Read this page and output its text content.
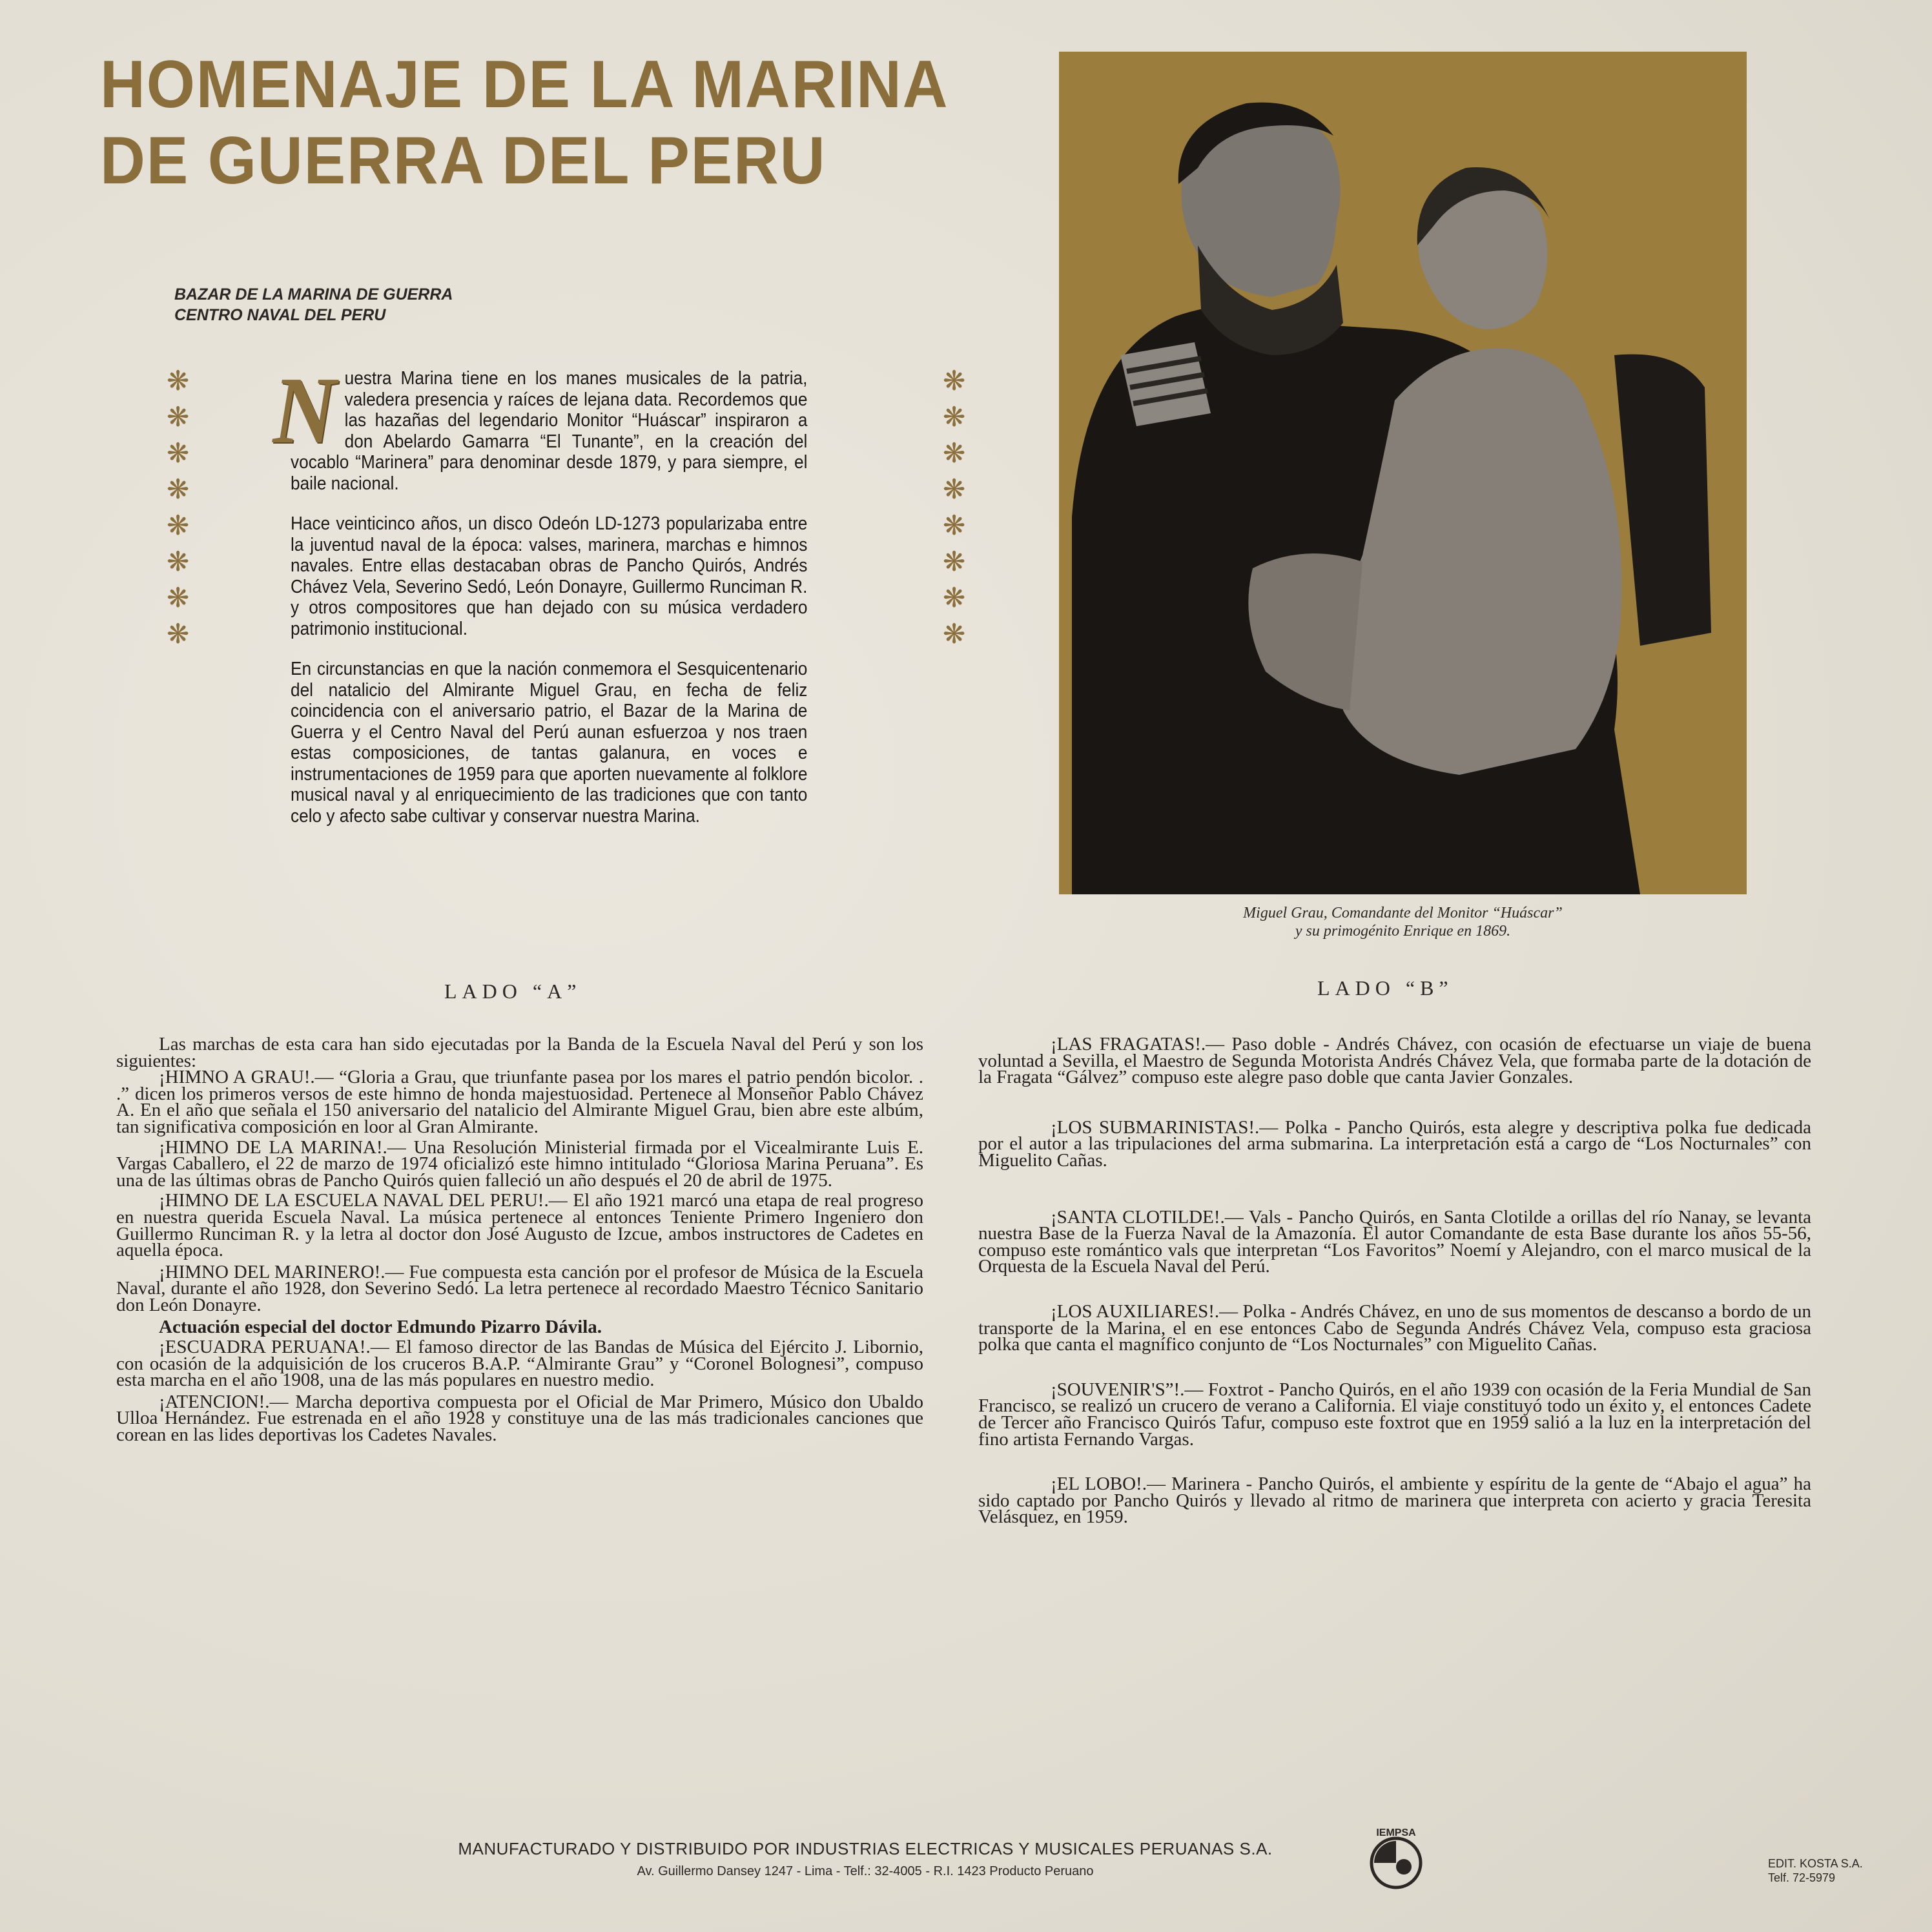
HOMENAJE DE LA MARINA
DE GUERRA DEL PERU
BAZAR DE LA MARINA DE GUERRA
CENTRO NAVAL DEL PERU
❋
❋
❋
❋
❋
❋
❋
❋
❋
❋
❋
❋
❋
❋
❋
❋

Nuestra Marina tiene en los manes musicales de la patria, valedera presencia y raíces de lejana data. Recordemos que las hazañas del legendario Monitor “Huáscar” inspiraron a don Abelardo Gamarra “El Tunante”, en la creación del vocablo “Marinera” para denominar desde 1879, y para siempre, el baile nacional.

Hace veinticinco años, un disco Odeón LD-1273 popularizaba entre la juventud naval de la época: valses, marinera, marchas e himnos navales. Entre ellas destacaban obras de Pancho Quirós, Andrés Chávez Vela, Severino Sedó, León Donayre, Guillermo Runciman R. y otros compositores que han dejado con su música verdadero patrimonio institucional.

En circunstancias en que la nación conmemora el Sesquicentenario del natalicio del Almirante Miguel Grau, en fecha de feliz coincidencia con el aniversario patrio, el Bazar de la Marina de Guerra y el Centro Naval del Perú aunan esfuerzoa y nos traen estas composiciones, de tantas galanura, en voces e instrumentaciones de 1959 para que aporten nuevamente al folklore musical naval y al enriquecimiento de las tradiciones que con tanto celo y afecto sabe cultivar y conservar nuestra Marina.

Miguel Grau, Comandante del Monitor “Huáscar”
y su primogénito Enrique en 1869.
LADO “A”	LADO “B”

Las marchas de esta cara han sido ejecutadas por la Banda de la Escuela Naval del Perú y son los siguientes:

¡HIMNO A GRAU!.— “Gloria a Grau, que triunfante pasea por los mares el patrio pendón bicolor. . .” dicen los primeros versos de este himno de honda majestuosidad. Pertenece al Monseñor Pablo Chávez A. En el año que señala el 150 aniversario del natalicio del Almirante Miguel Grau, bien abre este albúm, tan significativa composición en loor al Gran Almirante.

¡HIMNO DE LA MARINA!.— Una Resolución Ministerial firmada por el Vicealmirante Luis E. Vargas Caballero, el 22 de marzo de 1974 oficializó este himno intitulado “Gloriosa Marina Peruana”. Es una de las últimas obras de Pancho Quirós quien falleció un año después el 20 de abril de 1975.

¡HIMNO DE LA ESCUELA NAVAL DEL PERU!.— El año 1921 marcó una etapa de real progreso en nuestra querida Escuela Naval. La música pertenece al entonces Teniente Primero Ingeniero don Guillermo Runciman R. y la letra al doctor don José Augusto de Izcue, ambos instructores de Cadetes en aquella época.

¡HIMNO DEL MARINERO!.— Fue compuesta esta canción por el profesor de Música de la Escuela Naval, durante el año 1928, don Severino Sedó. La letra pertenece al recordado Maestro Técnico Sanitario don León Donayre.

Actuación especial del doctor Edmundo Pizarro Dávila.

¡ESCUADRA PERUANA!.— El famoso director de las Bandas de Música del Ejército J. Libornio, con ocasión de la adquisición de los cruceros B.A.P. “Almirante Grau” y “Coronel Bolognesi”, compuso esta marcha en el año 1908, una de las más populares en nuestro medio.

¡ATENCION!.— Marcha deportiva compuesta por el Oficial de Mar Primero, Músico don Ubaldo Ulloa Hernández. Fue estrenada en el año 1928 y constituye una de las más tradicionales canciones que corean en las lides deportivas los Cadetes Navales.

¡LAS FRAGATAS!.— Paso doble - Andrés Chávez, con ocasión de efectuarse un viaje de buena voluntad a Sevilla, el Maestro de Segunda Motorista Andrés Chávez Vela, que formaba parte de la dotación de la Fragata “Gálvez” compuso este alegre paso doble que canta Javier Gonzales.

¡LOS SUBMARINISTAS!.— Polka - Pancho Quirós, esta alegre y descriptiva polka fue dedicada por el autor a las tripulaciones del arma submarina. La interpretación está a cargo de “Los Nocturnales” con Miguelito Cañas.

¡SANTA CLOTILDE!.— Vals - Pancho Quirós, en Santa Clotilde a orillas del río Nanay, se levanta nuestra Base de la Fuerza Naval de la Amazonía. El autor Comandante de esta Base durante los años 55-56, compuso este romántico vals que interpretan “Los Favoritos” Noemí y Alejandro, con el marco musical de la Orquesta de la Escuela Naval del Perú.

¡LOS AUXILIARES!.— Polka - Andrés Chávez, en uno de sus momentos de descanso a bordo de un transporte de la Marina, el en ese entonces Cabo de Segunda Andrés Chávez Vela, compuso esta graciosa polka que canta el magnífico conjunto de “Los Nocturnales” con Miguelito Cañas.

¡SOUVENIR'S”!.— Foxtrot - Pancho Quirós, en el año 1939 con ocasión de la Feria Mundial de San Francisco, se realizó un crucero de verano a California. El viaje constituyó todo un éxito y, el entonces Cadete de Tercer año Francisco Quirós Tafur, compuso este foxtrot que en 1959 salió a la luz en la interpretación del fino artista Fernando Vargas.

¡EL LOBO!.— Marinera - Pancho Quirós, el ambiente y espíritu de la gente de “Abajo el agua” ha sido captado por Pancho Quirós y llevado al ritmo de marinera que interpreta con acierto y gracia Teresita Velásquez, en 1959.

MANUFACTURADO Y DISTRIBUIDO POR INDUSTRIAS ELECTRICAS Y MUSICALES PERUANAS S.A.
Av. Guillermo Dansey 1247 - Lima - Telf.: 32-4005 - R.I. 1423 Producto Peruano
IEMPSA
EDIT. KOSTA S.A.
Telf. 72-5979
